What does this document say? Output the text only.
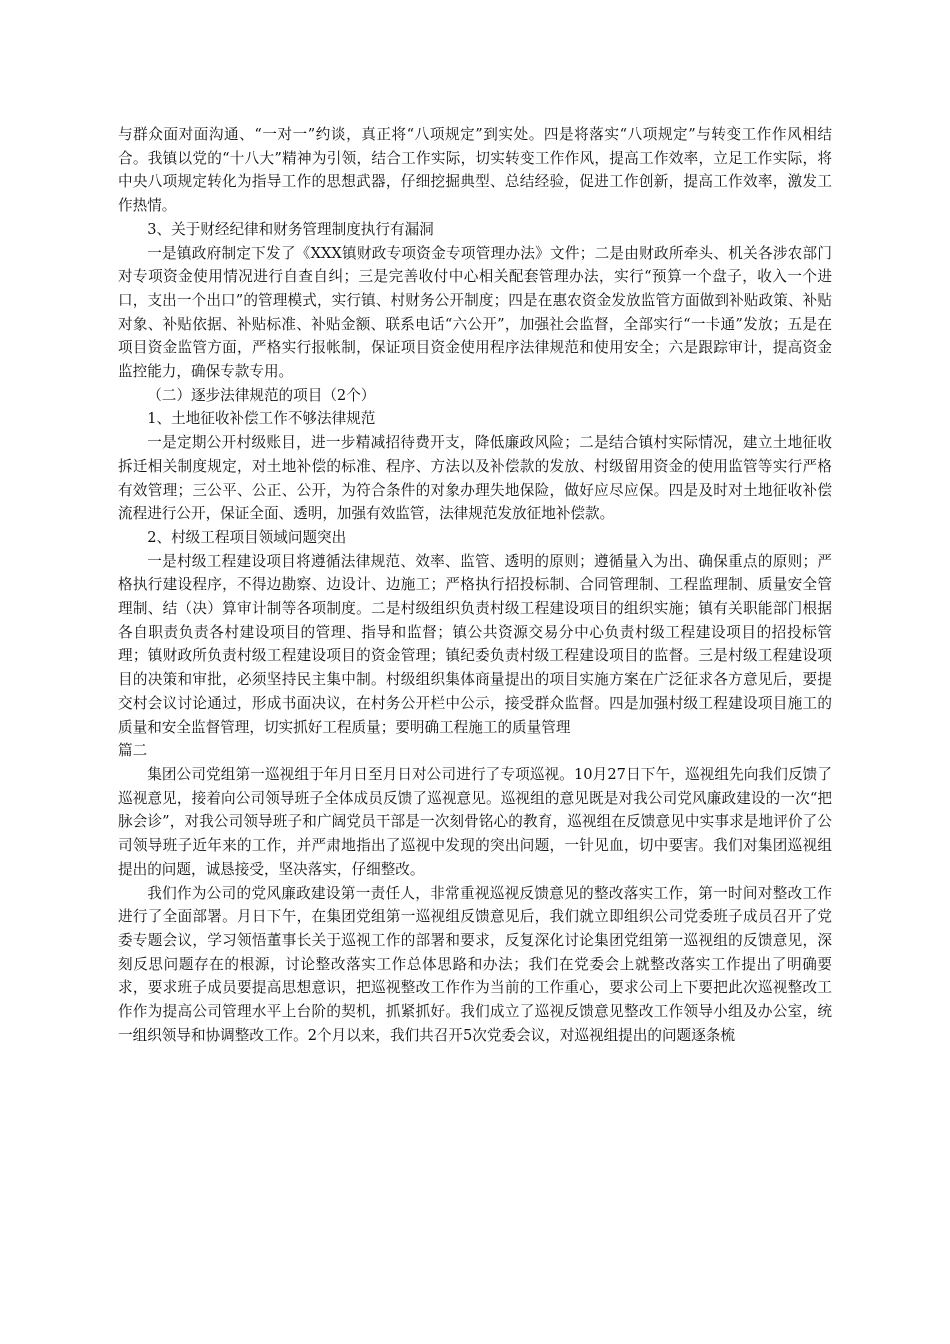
与群众面对面沟通、“一对一”约谈，真正将“八项规定”到实处。四是将落实“八项规定”与转变工作作风相结合。我镇以党的“十八大”精神为引领，结合工作实际，切实转变工作作风，提高工作效率，立足工作实际，将中央八项规定转化为指导工作的思想武器，仔细挖掘典型、总结经验，促进工作创新，提高工作效率，激发工作热情。

3、关于财经纪律和财务管理制度执行有漏洞

一是镇政府制定下发了《XXX镇财政专项资金专项管理办法》文件；二是由财政所牵头、机关各涉农部门对专项资金使用情况进行自查自纠；三是完善收付中心相关配套管理办法，实行“预算一个盘子，收入一个进口，支出一个出口”的管理模式，实行镇、村财务公开制度；四是在惠农资金发放监管方面做到补贴政策、补贴对象、补贴依据、补贴标准、补贴金额、联系电话“六公开”，加强社会监督，全部实行“一卡通”发放；五是在项目资金监管方面，严格实行报帐制，保证项目资金使用程序法律规范和使用安全；六是跟踪审计，提高资金监控能力，确保专款专用。

（二）逐步法律规范的项目（2个）

1、土地征收补偿工作不够法律规范

一是定期公开村级账目，进一步精减招待费开支，降低廉政风险；二是结合镇村实际情况，建立土地征收拆迁相关制度规定，对土地补偿的标准、程序、方法以及补偿款的发放、村级留用资金的使用监管等实行严格有效管理；三公平、公正、公开，为符合条件的对象办理失地保险，做好应尽应保。四是及时对土地征收补偿流程进行公开，保证全面、透明，加强有效监管，法律规范发放征地补偿款。

2、村级工程项目领域问题突出

一是村级工程建设项目将遵循法律规范、效率、监管、透明的原则；遵循量入为出、确保重点的原则；严格执行建设程序，不得边勘察、边设计、边施工；严格执行招投标制、合同管理制、工程监理制、质量安全管理制、结（决）算审计制等各项制度。二是村级组织负责村级工程建设项目的组织实施；镇有关职能部门根据各自职责负责各村建设项目的管理、指导和监督；镇公共资源交易分中心负责村级工程建设项目的招投标管理；镇财政所负责村级工程建设项目的资金管理；镇纪委负责村级工程建设项目的监督。三是村级工程建设项目的决策和审批，必须坚持民主集中制。村级组织集体商量提出的项目实施方案在广泛征求各方意见后，要提交村会议讨论通过，形成书面决议，在村务公开栏中公示，接受群众监督。四是加强村级工程建设项目施工的质量和安全监督管理，切实抓好工程质量；要明确工程施工的质量管理

篇二

集团公司党组第一巡视组于年月日至月日对公司进行了专项巡视。10月27日下午，巡视组先向我们反馈了巡视意见，接着向公司领导班子全体成员反馈了巡视意见。巡视组的意见既是对我公司党风廉政建设的一次“把脉会诊”，对我公司领导班子和广阔党员干部是一次刻骨铭心的教育，巡视组在反馈意见中实事求是地评价了公司领导班子近年来的工作，并严肃地指出了巡视中发现的突出问题，一针见血，切中要害。我们对集团巡视组提出的问题，诚恳接受，坚决落实，仔细整改。

我们作为公司的党风廉政建设第一责任人，非常重视巡视反馈意见的整改落实工作，第一时间对整改工作进行了全面部署。月日下午，在集团党组第一巡视组反馈意见后，我们就立即组织公司党委班子成员召开了党委专题会议，学习领悟董事长关于巡视工作的部署和要求，反复深化讨论集团党组第一巡视组的反馈意见，深刻反思问题存在的根源，讨论整改落实工作总体思路和办法；我们在党委会上就整改落实工作提出了明确要求，要求班子成员要提高思想意识，把巡视整改工作作为当前的工作重心，要求公司上下要把此次巡视整改工作作为提高公司管理水平上台阶的契机，抓紧抓好。我们成立了巡视反馈意见整改工作领导小组及办公室，统一组织领导和协调整改工作。2个月以来，我们共召开5次党委会议，对巡视组提出的问题逐条梳
